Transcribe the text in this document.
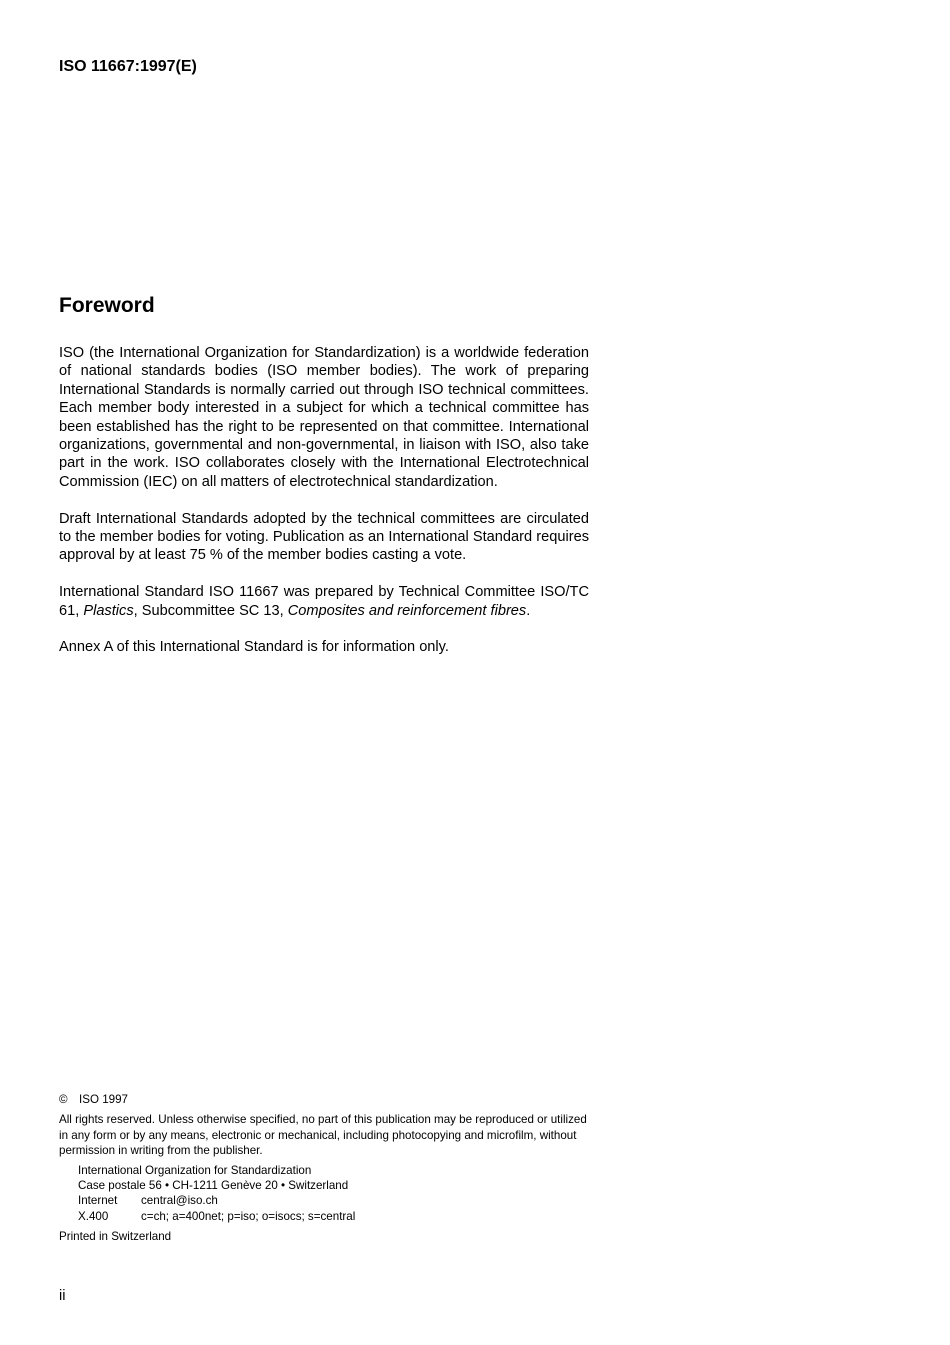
ISO 11667:1997(E)
Foreword

ISO (the International Organization for Standardization) is a worldwide federation of national standards bodies (ISO member bodies). The work of preparing International Standards is normally carried out through ISO technical committees. Each member body interested in a subject for which a technical committee has been established has the right to be represented on that committee. International organizations, governmental and non-governmental, in liaison with ISO, also take part in the work. ISO collaborates closely with the International Electrotechnical Commission (IEC) on all matters of electrotechnical standardization.

Draft International Standards adopted by the technical committees are circulated to the member bodies for voting. Publication as an International Standard requires approval by at least 75 % of the member bodies casting a vote.

International Standard ISO 11667 was prepared by Technical Committee ISO/TC 61, Plastics, Subcommittee SC 13, Composites and reinforcement fibres.

Annex A of this International Standard is for information only.

© ISO 1997
All rights reserved. Unless otherwise specified, no part of this publication may be reproduced or utilized in any form or by any means, electronic or mechanical, including photocopying and microfilm, without permission in writing from the publisher.
International Organization for Standardization
Case postale 56 • CH-1211 Genève 20 • Switzerland
Internet central@iso.ch
X.400	c=ch; a=400net; p=iso; o=isocs; s=central
Printed in Switzerland
ii
